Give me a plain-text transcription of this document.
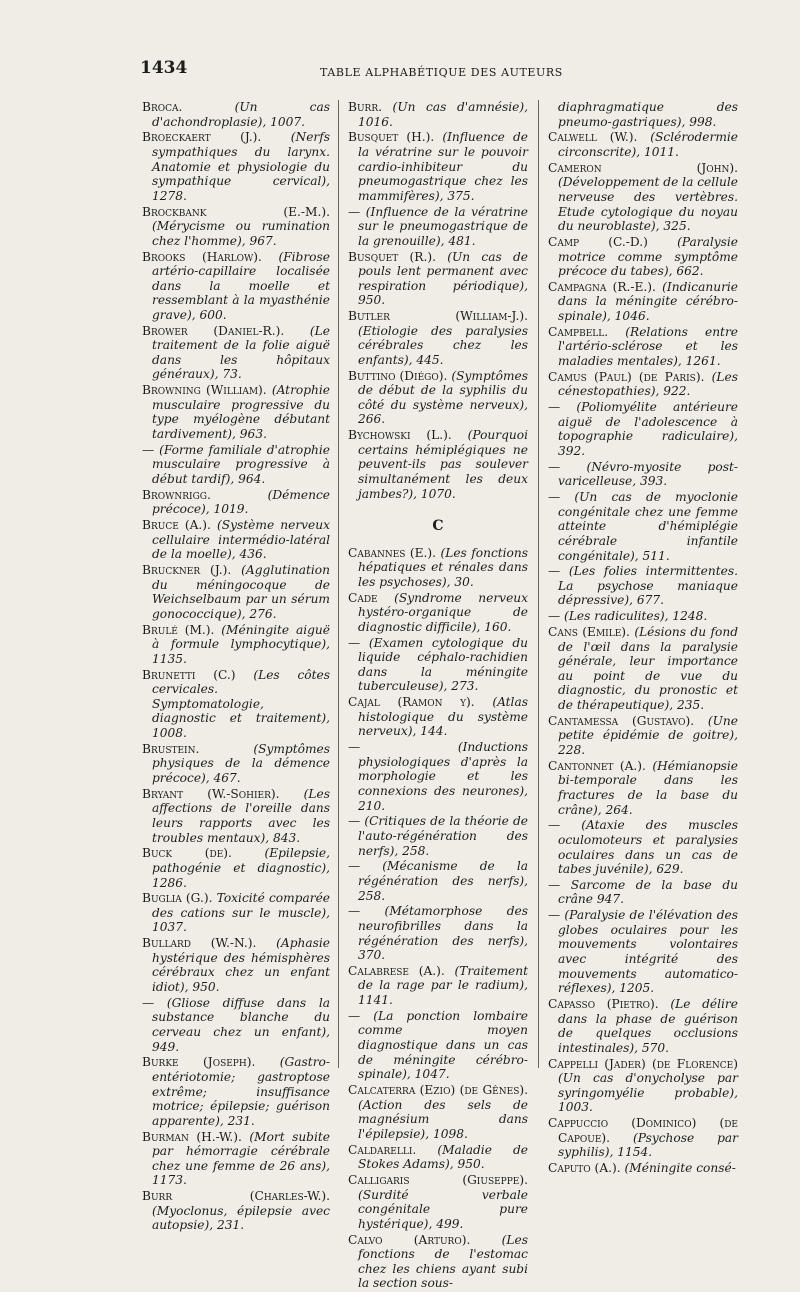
1434	TABLE ALPHABÉTIQUE DES AUTEURS

Broca. (Un cas d'achondroplasie), 1007.

Broeckaert (J.). (Nerfs sympathiques du larynx. Anatomie et physiologie du sympathique cervical), 1278.

Brockbank (E.-M.). (Mérycisme ou rumination chez l'homme), 967.

Brooks (Harlow). (Fibrose artério-capillaire localisée dans la moelle et ressemblant à la myasthénie grave), 600.

Brower (Daniel-R.). (Le traitement de la folie aiguë dans les hôpitaux généraux), 73.

Browning (William). (Atrophie musculaire progressive du type myélogène débutant tardivement), 963.

— (Forme familiale d'atrophie musculaire progressive à début tardif), 964.

Brownrigg. (Démence précoce), 1019.

Bruce (A.). (Système nerveux cellulaire intermédio-latéral de la moelle), 436.

Bruckner (J.). (Agglutination du méningocoque de Weichselbaum par un sérum gonococcique), 276.

Brulé (M.). (Méningite aiguë à formule lymphocytique), 1135.

Brunetti (C.) (Les côtes cervicales. Symptomatologie, diagnostic et traitement), 1008.

Brustein. (Symptômes physiques de la démence précoce), 467.

Bryant (W.-Sohier). (Les affections de l'oreille dans leurs rapports avec les troubles mentaux), 843.

Buck (de). (Epilepsie, pathogénie et diagnostic), 1286.

Buglia (G.). Toxicité comparée des cations sur le muscle), 1037.

Bullard (W.-N.). (Aphasie hystérique des hémisphères cérébraux chez un enfant idiot), 950.

— (Gliose diffuse dans la substance blanche du cerveau chez un enfant), 949.

Burke (Joseph). (Gastro-entériotomie; gastroptose extrême; insuffisance motrice; épilepsie; guérison apparente), 231.

Burman (H.-W.). (Mort subite par hémorragie cérébrale chez une femme de 26 ans), 1173.

Burr (Charles-W.). (Myoclonus, épilepsie avec autopsie), 231.

Burr. (Un cas d'amnésie), 1016.

Busquet (H.). (Influence de la vératrine sur le pouvoir cardio-inhibiteur du pneumogastrique chez les mammifères), 375.

— (Influence de la vératrine sur le pneumogastrique de la grenouille), 481.

Busquet (R.). (Un cas de pouls lent permanent avec respiration périodique), 950.

Butler (William-J.). (Etiologie des paralysies cérébrales chez les enfants), 445.

Buttino (Diégo). (Symptômes de début de la syphilis du côté du système nerveux), 266.

Bychowski (L.). (Pourquoi certains hémiplégiques ne peuvent-ils pas soulever simultanément les deux jambes?), 1070.

C

Cabannes (E.). (Les fonctions hépatiques et rénales dans les psychoses), 30.

Cade (Syndrome nerveux hystéro-organique de diagnostic difficile), 160.

— (Examen cytologique du liquide céphalo-rachidien dans la méningite tuberculeuse), 273.

Cajal (Ramon y). (Atlas histologique du système nerveux), 144.

— (Inductions physiologiques d'après la morphologie et les connexions des neurones), 210.

— (Critiques de la théorie de l'auto-régénération des nerfs), 258.

— (Mécanisme de la régénération des nerfs), 258.

— (Métamorphose des neurofibrilles dans la régénération des nerfs), 370.

Calabrese (A.). (Traitement de la rage par le radium), 1141.

— (La ponction lombaire comme moyen diagnostique dans un cas de méningite cérébro-spinale), 1047.

Calcaterra (Ezio) (de Gênes). (Action des sels de magnésium dans l'épilepsie), 1098.

Caldarelli. (Maladie de Stokes Adams), 950.

Calligaris (Giuseppe). (Surdité verbale congénitale pure hystérique), 499.

Calvo (Arturo). (Les fonctions de l'estomac chez les chiens ayant subi la section sous-

diaphragmatique des pneumo-gastriques), 998.

Calwell (W.). (Sclérodermie circonscrite), 1011.

Cameron (John). (Développement de la cellule nerveuse des vertèbres. Etude cytologique du noyau du neuroblaste), 325.

Camp (C.-D.) (Paralysie motrice comme symptôme précoce du tabes), 662.

Campagna (R.-E.). (Indicanurie dans la méningite cérébro-spinale), 1046.

Campbell. (Relations entre l'artério-sclérose et les maladies mentales), 1261.

Camus (Paul) (de Paris). (Les cénestopathies), 922.

— (Poliomyélite antérieure aiguë de l'adolescence à topographie radiculaire), 392.

— (Névro-myosite post-varicelleuse, 393.

— (Un cas de myoclonie congénitale chez une femme atteinte d'hémiplégie cérébrale infantile congénitale), 511.

— (Les folies intermittentes. La psychose maniaque dépressive), 677.

— (Les radiculites), 1248.

Cans (Emile). (Lésions du fond de l'œil dans la paralysie générale, leur importance au point de vue du diagnostic, du pronostic et de thérapeutique), 235.

Cantamessa (Gustavo). (Une petite épidémie de goitre), 228.

Cantonnet (A.). (Hémianopsie bi-temporale dans les fractures de la base du crâne), 264.

— (Ataxie des muscles oculomoteurs et paralysies oculaires dans un cas de tabes juvénile), 629.

— Sarcome de la base du crâne 947.

— (Paralysie de l'élévation des globes oculaires pour les mouvements volontaires avec intégrité des mouvements automatico-réflexes), 1205.

Capasso (Pietro). (Le délire dans la phase de guérison de quelques occlusions intestinales), 570.

Cappelli (Jader) (de Florence) (Un cas d'onycholyse par syringomyélie probable), 1003.

Cappuccio (Dominico) (de Capoue). (Psychose par syphilis), 1154.

Caputo (A.). (Méningite consé-
